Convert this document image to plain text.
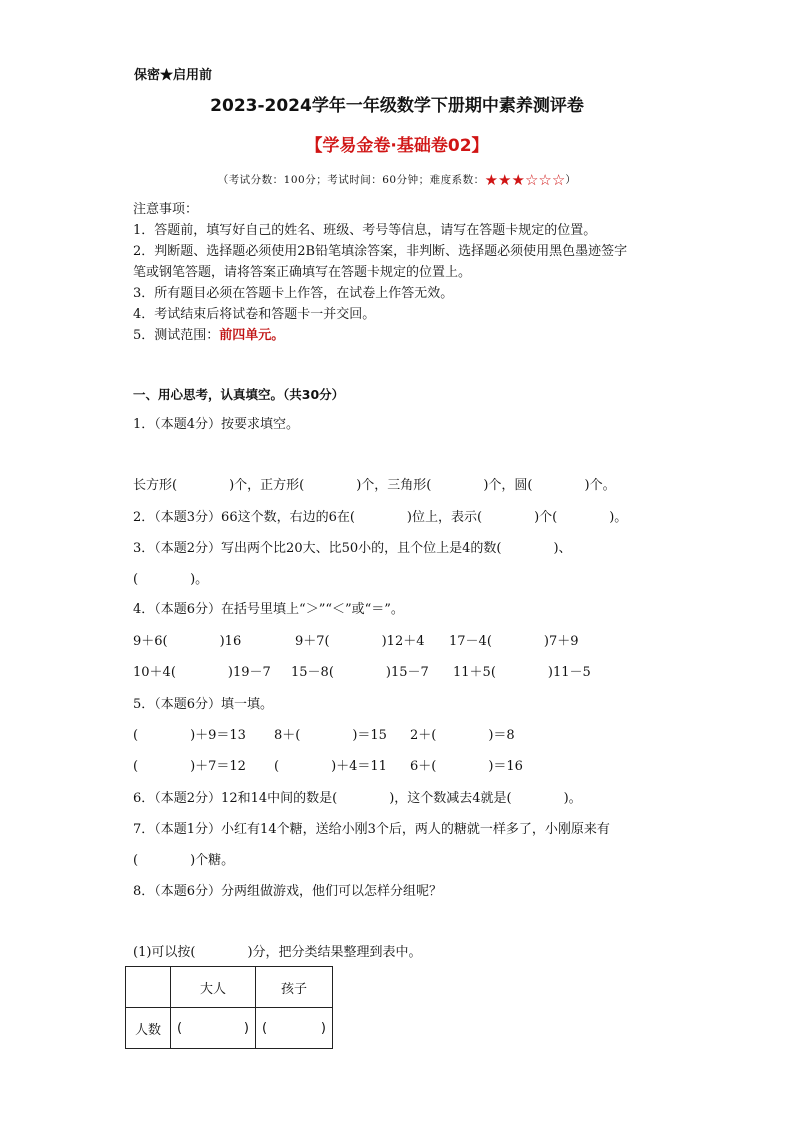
保密★启用前
2023-2024学年一年级数学下册期中素养测评卷
【学易金卷·基础卷02】
（考试分数：100分；考试时间：60分钟；难度系数：★★★☆☆☆）
注意事项：
1．答题前，填写好自己的姓名、班级、考号等信息，请写在答题卡规定的位置。
2．判断题、选择题必须使用2B铅笔填涂答案，非判断、选择题必须使用黑色墨迹签字
笔或钢笔答题，请将答案正确填写在答题卡规定的位置上。
3．所有题目必须在答题卡上作答，在试卷上作答无效。
4．考试结束后将试卷和答题卡一并交回。
5．测试范围：前四单元。
一、用心思考，认真填空。（共30分）
1．（本题4分）按要求填空。
长方形(　　　　)个，正方形(　　　　)个，三角形(　　　　)个，圆(　　　　)个。
2．（本题3分）66这个数，右边的6在(　　　　)位上，表示(　　　　)个(　　　　)。
3．（本题2分）写出两个比20大、比50小的，且个位上是4的数(　　　　)、
(　　　　)。
4．（本题6分）在括号里填上“＞”“＜”或“＝”。
9＋6(　　　　)16	9＋7(　　　　)12＋4 17－4(　　　　)7＋9
10＋4(　　　　)19－7 15－8(　　　　)15－7 11＋5(　　　　)11－5
5．（本题6分）填一填。
(　　　　)＋9＝13 8＋(　　　　)＝15 2＋(　　　　)＝8
(　　　　)＋7＝12 (　　　　)＋4＝11 6＋(　　　　)＝16
6．（本题2分）12和14中间的数是(　　　　)，这个数减去4就是(　　　　)。
7．（本题1分）小红有14个糖，送给小刚3个后，两人的糖就一样多了，小刚原来有
(　　　　)个糖。
8．（本题6分）分两组做游戏，他们可以怎样分组呢？
(1)可以按(　　　　)分，把分类结果整理到表中。
	大人	孩子
人数	( )	( )
